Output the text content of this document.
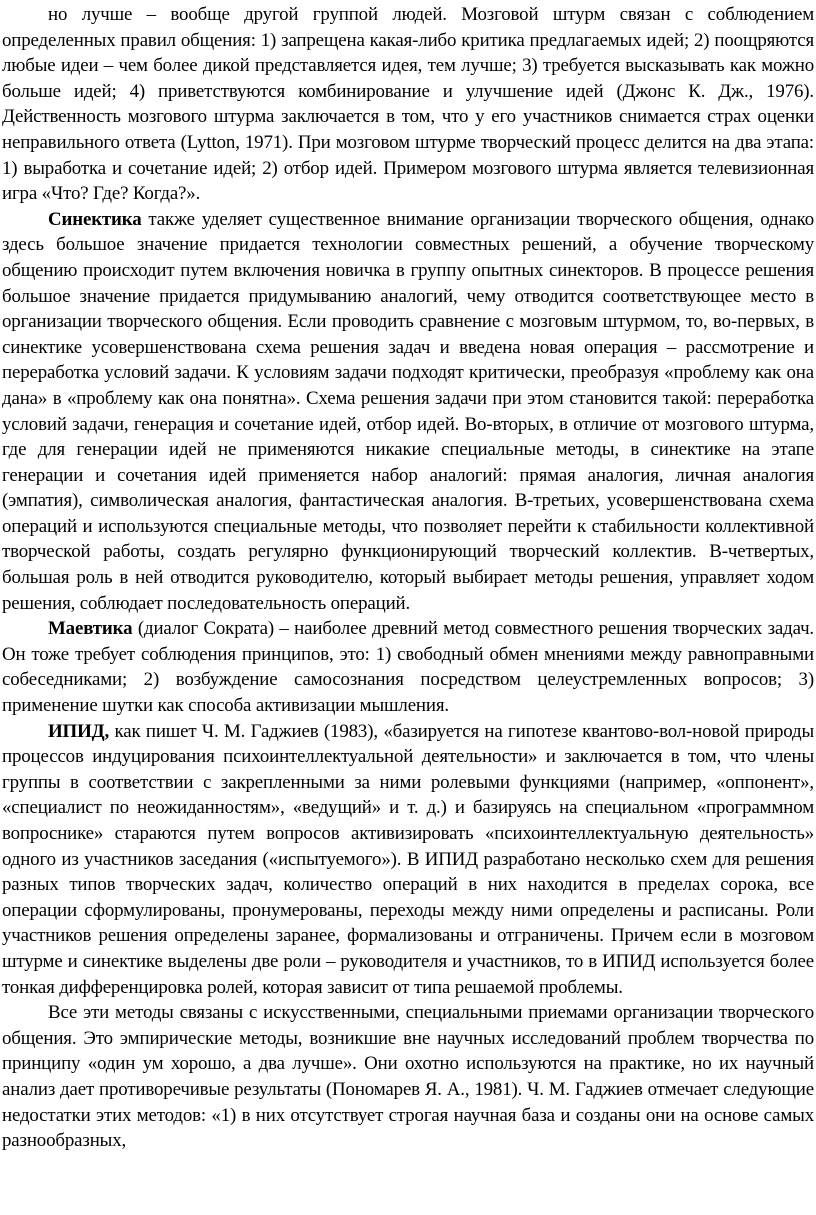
но лучше – вообще другой группой людей. Мозговой штурм связан с соблюдением определенных правил общения: 1) запрещена какая-либо критика предлагаемых идей; 2) поощряются любые идеи – чем более дикой представляется идея, тем лучше; 3) требуется высказывать как можно больше идей; 4) приветствуются комбинирование и улучшение идей (Джонс К. Дж., 1976). Действенность мозгового штурма заключается в том, что у его участников снимается страх оценки неправильного ответа (Lytton, 1971). При мозговом штурме творческий процесс делится на два этапа: 1) выработка и сочетание идей; 2) отбор идей. Примером мозгового штурма является телевизионная игра «Что? Где? Когда?».

Синектика также уделяет существенное внимание организации творческого общения, однако здесь большое значение придается технологии совместных решений, а обучение творческому общению происходит путем включения новичка в группу опытных синекторов. В процессе решения большое значение придается придумыванию аналогий, чему отводится соответствующее место в организации творческого общения. Если проводить сравнение с мозговым штурмом, то, во-первых, в синектике усовершенствована схема решения задач и введена новая операция – рассмотрение и переработка условий задачи. К условиям задачи подходят критически, преобразуя «проблему как она дана» в «проблему как она понятна». Схема решения задачи при этом становится такой: переработка условий задачи, генерация и сочетание идей, отбор идей. Во-вторых, в отличие от мозгового штурма, где для генерации идей не применяются никакие специальные методы, в синектике на этапе генерации и сочетания идей применяется набор аналогий: прямая аналогия, личная аналогия (эмпатия), символическая аналогия, фантастическая аналогия. В-третьих, усовершенствована схема операций и используются специальные методы, что позволяет перейти к стабильности коллективной творческой работы, создать регулярно функционирующий творческий коллектив. В-четвертых, большая роль в ней отводится руководителю, который выбирает методы решения, управляет ходом решения, соблюдает последовательность операций.

Маевтика (диалог Сократа) – наиболее древний метод совместного решения творческих задач. Он тоже требует соблюдения принципов, это: 1) свободный обмен мнениями между равноправными собеседниками; 2) возбуждение самосознания посредством целеустремленных вопросов; 3) применение шутки как способа активизации мышления.

ИПИД, как пишет Ч. М. Гаджиев (1983), «базируется на гипотезе квантово-вол-новой природы процессов индуцирования психоинтеллектуальной деятельности» и заключается в том, что члены группы в соответствии с закрепленными за ними ролевыми функциями (например, «оппонент», «специалист по неожиданностям», «ведущий» и т. д.) и базируясь на специальном «программном вопроснике» стараются путем вопросов активизировать «психоинтеллектуальную деятельность» одного из участников заседания («испытуемого»). В ИПИД разработано несколько схем для решения разных типов творческих задач, количество операций в них находится в пределах сорока, все операции сформулированы, пронумерованы, переходы между ними определены и расписаны. Роли участников решения определены заранее, формализованы и отграничены. Причем если в мозговом штурме и синектике выделены две роли – руководителя и участников, то в ИПИД используется более тонкая дифференцировка ролей, которая зависит от типа решаемой проблемы.

Все эти методы связаны с искусственными, специальными приемами организации творческого общения. Это эмпирические методы, возникшие вне научных исследований проблем творчества по принципу «один ум хорошо, а два лучше». Они охотно используются на практике, но их научный анализ дает противоречивые результаты (Пономарев Я. А., 1981). Ч. М. Гаджиев отмечает следующие недостатки этих методов: «1) в них отсутствует строгая научная база и созданы они на основе самых разнообразных,
